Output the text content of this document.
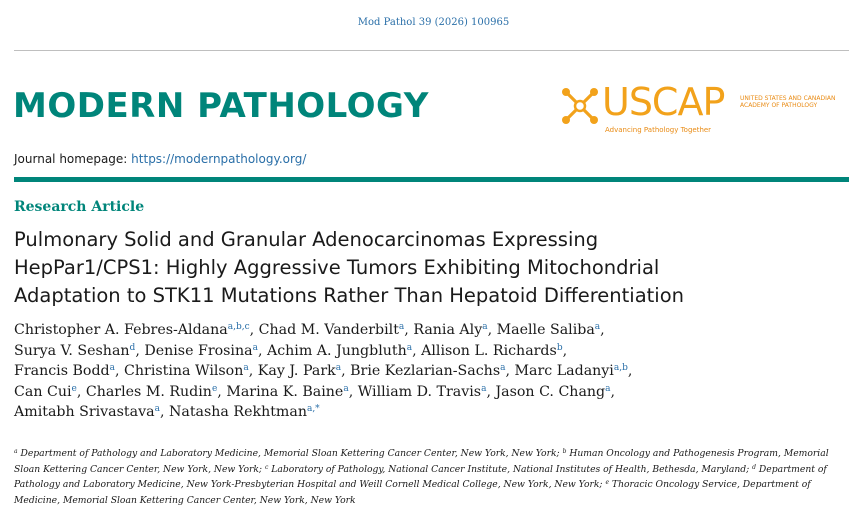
Mod Pathol 39 (2026) 100965
MODERN PATHOLOGY	USCAP	UNITED STATES AND CANADIAN ACADEMY OF PATHOLOGY
Advancing Pathology Together
Journal homepage: https://modernpathology.org/
Research Article
Pulmonary Solid and Granular Adenocarcinomas Expressing
HepPar1/CPS1: Highly Aggressive Tumors Exhibiting Mitochondrial
Adaptation to STK11 Mutations Rather Than Hepatoid Differentiation
Christopher A. Febres-Aldana$^{a,b,c}$, Chad M. Vanderbilt$^a$, Rania Aly$^a$, Maelle Saliba$^a$,
Surya V. Seshan$^d$, Denise Frosina$^a$, Achim A. Jungbluth$^a$, Allison L. Richards$^b$,
Francis Bodd$^a$, Christina Wilson$^a$, Kay J. Park$^a$, Brie Kezlarian-Sachs$^a$, Marc Ladanyi$^{a,b}$,
Can Cui$^e$, Charles M. Rudin$^e$, Marina K. Baine$^a$, William D. Travis$^a$, Jason C. Chang$^a$,
Amitabh Srivastava$^a$, Natasha Rekhtman$^{a,*}$
$^a$ Department of Pathology and Laboratory Medicine, Memorial Sloan Kettering Cancer Center, New York, New York; $^b$ Human Oncology and Pathogenesis Program, Memorial
Sloan Kettering Cancer Center, New York, New York; $^c$ Laboratory of Pathology, National Cancer Institute, National Institutes of Health, Bethesda, Maryland; $^d$ Department of
Pathology and Laboratory Medicine, New York-Presbyterian Hospital and Weill Cornell Medical College, New York, New York; $^e$ Thoracic Oncology Service, Department of
Medicine, Memorial Sloan Kettering Cancer Center, New York, New York
